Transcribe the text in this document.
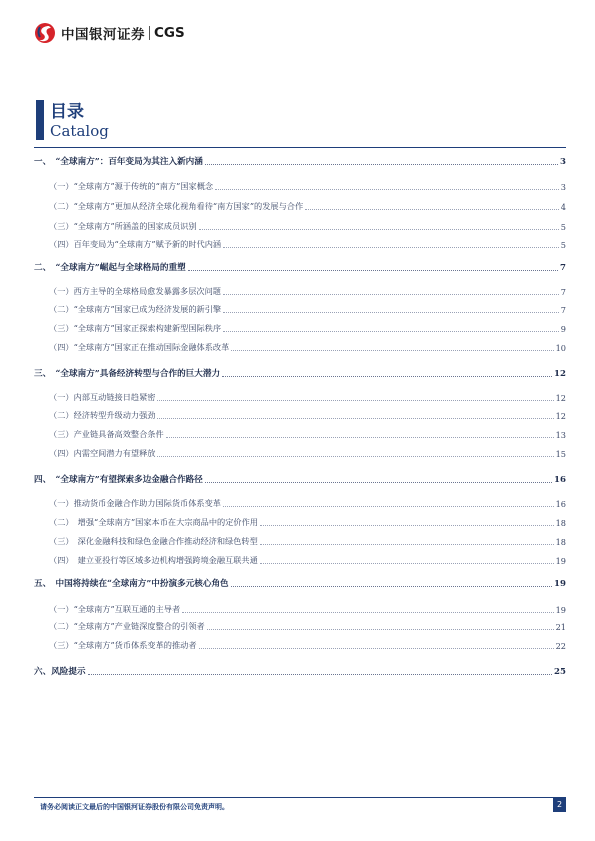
中国银河证券 CGS
目录
Catalog
一、　“全球南方”：百年变局为其注入新内涵	3
（一）“全球南方”源于传统的“南方”国家概念	3
（二）“全球南方”更加从经济全球化视角看待“南方国家”的发展与合作	4
（三）“全球南方”所涵盖的国家成员识别	5
（四）百年变局为“全球南方”赋予新的时代内涵	5
二、　“全球南方”崛起与全球格局的重塑	7
（一）西方主导的全球格局愈发暴露多层次问题	7
（二）“全球南方”国家已成为经济发展的新引擎	7
（三）“全球南方”国家正探索构建新型国际秩序	9
（四）“全球南方”国家正在推动国际金融体系改革	10
三、　“全球南方”具备经济转型与合作的巨大潜力	12
（一）内部互动链接日趋紧密	12
（二）经济转型升级动力强劲	12
（三）产业链具备高效整合条件	13
（四）内需空间潜力有望释放	15
四、　“全球南方”有望探索多边金融合作路径	16
（一）推动货币金融合作助力国际货币体系变革	16
（二）　增强“全球南方”国家本币在大宗商品中的定价作用	18
（三）　深化金融科技和绿色金融合作推动经济和绿色转型	18
（四）　建立亚投行等区域多边机构增强跨境金融互联共通	19
五、　中国将持续在“全球南方”中扮演多元核心角色	19
（一）“全球南方”互联互通的主导者	19
（二）“全球南方”产业链深度整合的引领者	21
（三）“全球南方”货币体系变革的推动者	22
六、风险提示	25
请务必阅读正文最后的中国银河证券股份有限公司免责声明。	2
